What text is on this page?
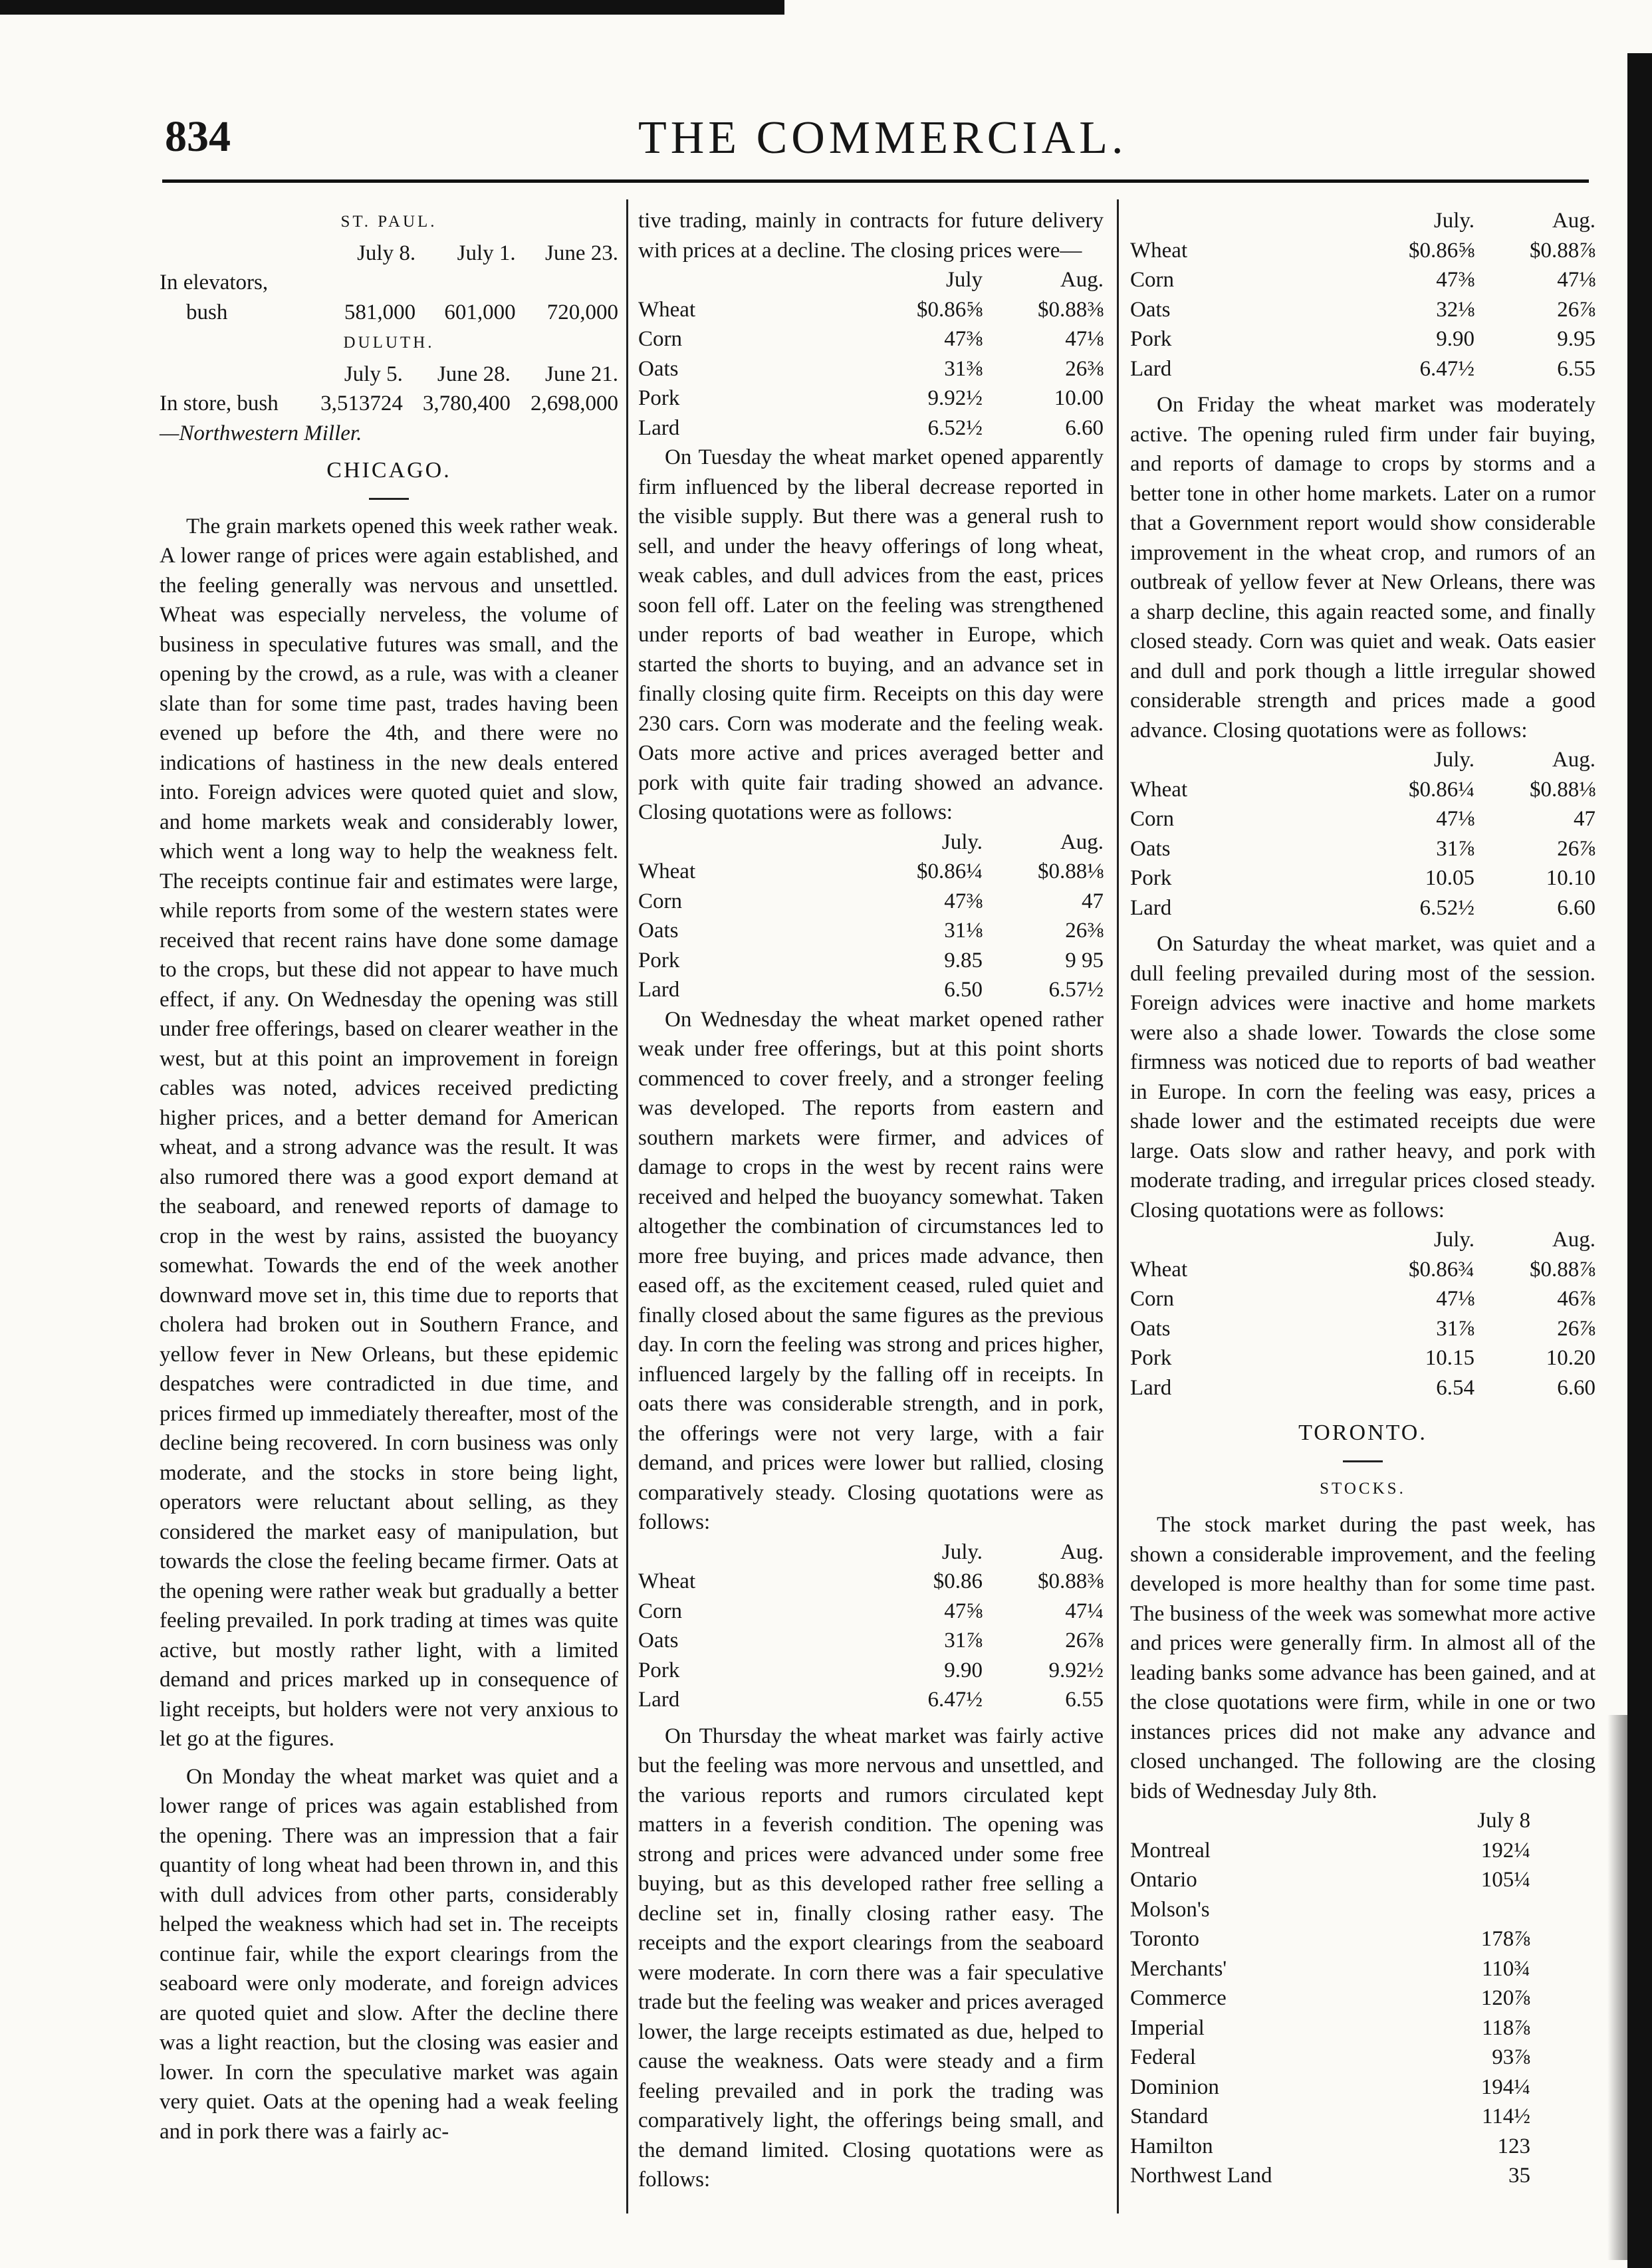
834	THE COMMERCIAL.
ST. PAUL.
	July 8.	July 1.	June 23.
In elevators,			
bush	581,000	601,000	720,000
DULUTH.
	July 5.	June 28.	June 21.
In store, bush	3,513724	3,780,400	2,698,000
—Northwestern Miller.
CHICAGO.

The grain markets opened this week rather weak. A lower range of prices were again established, and the feeling generally was nervous and unsettled. Wheat was especially nerveless, the volume of business in speculative futures was small, and the opening by the crowd, as a rule, was with a cleaner slate than for some time past, trades having been evened up before the 4th, and there were no indications of hastiness in the new deals entered into. Foreign advices were quoted quiet and slow, and home markets weak and considerably lower, which went a long way to help the weakness felt. The receipts continue fair and estimates were large, while reports from some of the western states were received that recent rains have done some damage to the crops, but these did not appear to have much effect, if any. On Wednesday the opening was still under free offerings, based on clearer weather in the west, but at this point an improvement in foreign cables was noted, advices received predicting higher prices, and a better demand for American wheat, and a strong advance was the result. It was also rumored there was a good export demand at the seaboard, and renewed reports of damage to crop in the west by rains, assisted the buoyancy somewhat. Towards the end of the week another downward move set in, this time due to reports that cholera had broken out in Southern France, and yellow fever in New Orleans, but these epidemic despatches were contradicted in due time, and prices firmed up immediately thereafter, most of the decline being recovered. In corn business was only moderate, and the stocks in store being light, operators were reluctant about selling, as they considered the market easy of manipulation, but towards the close the feeling became firmer. Oats at the opening were rather weak but gradually a better feeling prevailed. In pork trading at times was quite active, but mostly rather light, with a limited demand and prices marked up in consequence of light receipts, but holders were not very anxious to let go at the figures.

On Monday the wheat market was quiet and a lower range of prices was again established from the opening. There was an impression that a fair quantity of long wheat had been thrown in, and this with dull advices from other parts, considerably helped the weakness which had set in. The receipts continue fair, while the export clearings from the seaboard were only moderate, and foreign advices are quoted quiet and slow. After the decline there was a light reaction, but the closing was easier and lower. In corn the speculative market was again very quiet. Oats at the opening had a weak feeling and in pork there was a fairly ac-

tive trading, mainly in contracts for future delivery with prices at a decline. The closing prices were—

	July	Aug.
Wheat	$0.86⅝	$0.88⅜
Corn	47⅜	47⅛
Oats	31⅜	26⅜
Pork	9.92½	10.00
Lard	6.52½	6.60

On Tuesday the wheat market opened apparently firm influenced by the liberal decrease reported in the visible supply. But there was a general rush to sell, and under the heavy offerings of long wheat, weak cables, and dull advices from the east, prices soon fell off. Later on the feeling was strengthened under reports of bad weather in Europe, which started the shorts to buying, and an advance set in finally closing quite firm. Receipts on this day were 230 cars. Corn was moderate and the feeling weak. Oats more active and prices averaged better and pork with quite fair trading showed an advance. Closing quotations were as follows:

	July.	Aug.
Wheat	$0.86¼	$0.88⅛
Corn	47⅜	47
Oats	31⅛	26⅜
Pork	9.85	9 95
Lard	6.50	6.57½

On Wednesday the wheat market opened rather weak under free offerings, but at this point shorts commenced to cover freely, and a stronger feeling was developed. The reports from eastern and southern markets were firmer, and advices of damage to crops in the west by recent rains were received and helped the buoyancy somewhat. Taken altogether the combination of circumstances led to more free buying, and prices made advance, then eased off, as the excitement ceased, ruled quiet and finally closed about the same figures as the previous day. In corn the feeling was strong and prices higher, influenced largely by the falling off in receipts. In oats there was considerable strength, and in pork, the offerings were not very large, with a fair demand, and prices were lower but rallied, closing comparatively steady. Closing quotations were as follows:

	July.	Aug.
Wheat	$0.86	$0.88⅜
Corn	47⅝	47¼
Oats	31⅞	26⅞
Pork	9.90	9.92½
Lard	6.47½	6.55

On Thursday the wheat market was fairly active but the feeling was more nervous and unsettled, and the various reports and rumors circulated kept matters in a feverish condition. The opening was strong and prices were advanced under some free buying, but as this developed rather free selling a decline set in, finally closing rather easy. The receipts and the export clearings from the seaboard were moderate. In corn there was a fair speculative trade but the feeling was weaker and prices averaged lower, the large receipts estimated as due, helped to cause the weakness. Oats were steady and a firm feeling prevailed and in pork the trading was comparatively light, the offerings being small, and the demand limited. Closing quotations were as follows:

	July.	Aug.
Wheat	$0.86⅝	$0.88⅞
Corn	47⅜	47⅛
Oats	32⅛	26⅞
Pork	9.90	9.95
Lard	6.47½	6.55

On Friday the wheat market was moderately active. The opening ruled firm under fair buying, and reports of damage to crops by storms and a better tone in other home markets. Later on a rumor that a Government report would show considerable improvement in the wheat crop, and rumors of an outbreak of yellow fever at New Orleans, there was a sharp decline, this again reacted some, and finally closed steady. Corn was quiet and weak. Oats easier and dull and pork though a little irregular showed considerable strength and prices made a good advance. Closing quotations were as follows:

	July.	Aug.
Wheat	$0.86¼	$0.88⅛
Corn	47⅛	47
Oats	31⅞	26⅞
Pork	10.05	10.10
Lard	6.52½	6.60

On Saturday the wheat market, was quiet and a dull feeling prevailed during most of the session. Foreign advices were inactive and home markets were also a shade lower. Towards the close some firmness was noticed due to reports of bad weather in Europe. In corn the feeling was easy, prices a shade lower and the estimated receipts due were large. Oats slow and rather heavy, and pork with moderate trading, and irregular prices closed steady. Closing quotations were as follows:

	July.	Aug.
Wheat	$0.86¾	$0.88⅞
Corn	47⅛	46⅞
Oats	31⅞	26⅞
Pork	10.15	10.20
Lard	6.54	6.60
TORONTO.
STOCKS.

The stock market during the past week, has shown a considerable improvement, and the feeling developed is more healthy than for some time past. The business of the week was somewhat more active and prices were generally firm. In almost all of the leading banks some advance has been gained, and at the close quotations were firm, while in one or two instances prices did not make any advance and closed unchanged. The following are the closing bids of Wednesday July 8th.

	July 8	
Montreal	192¼	
Ontario	105¼	
Molson's		
Toronto	178⅞	
Merchants'	110¾	
Commerce	120⅞	
Imperial	118⅞	
Federal	93⅞	
Dominion	194¼	
Standard	114½	
Hamilton	123	
Northwest Land	35	
